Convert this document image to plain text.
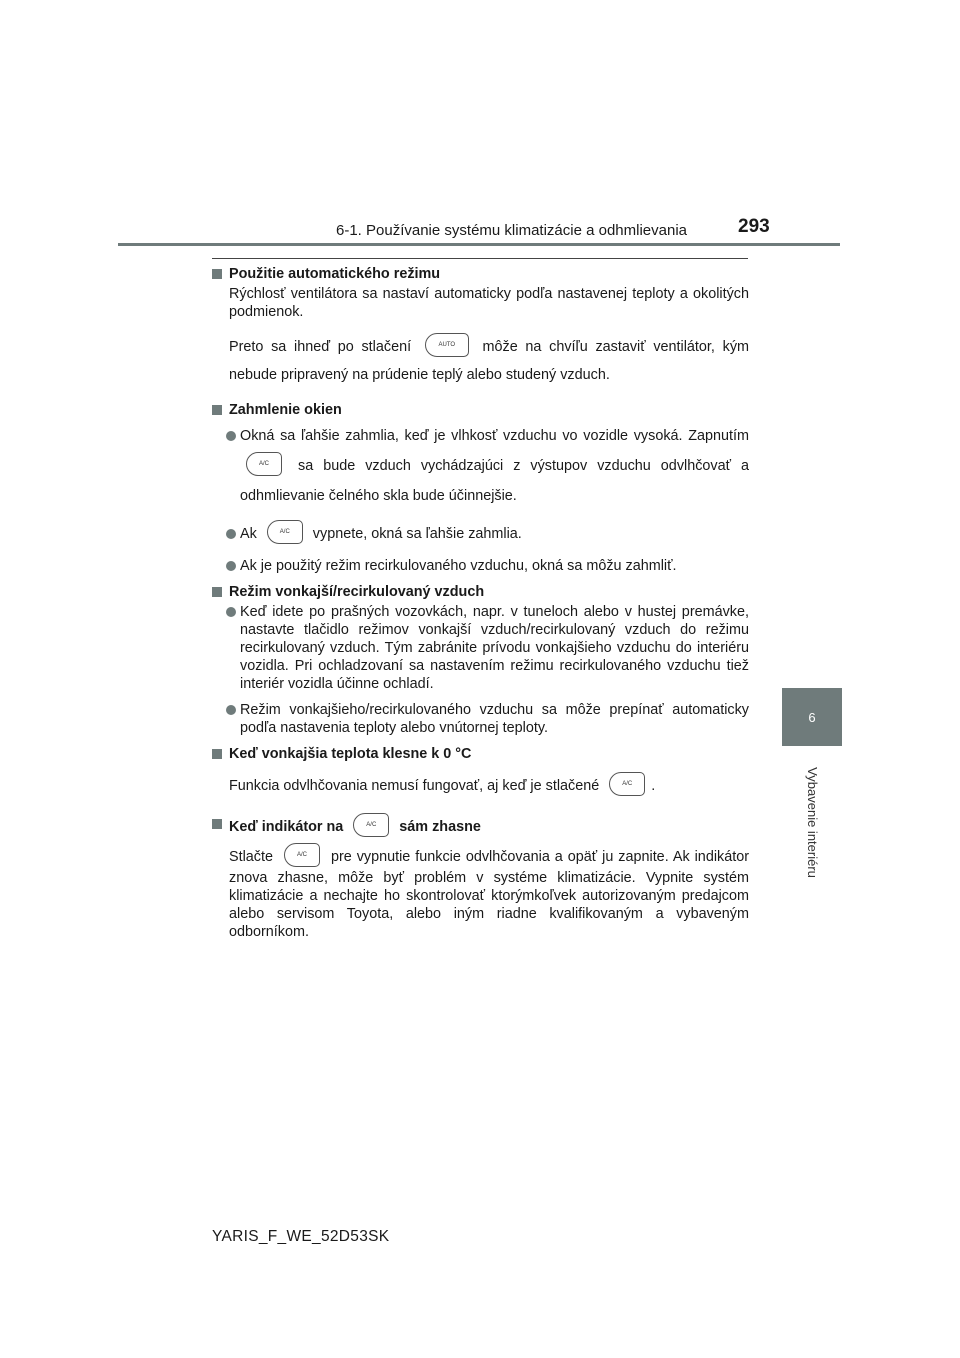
6-1. Používanie systému klimatizácie a odhmlievania	293
6
Vybavenie interiéru
Použitie automatického režimu
Rýchlosť ventilátora sa nastaví automaticky podľa nastavenej teploty a okolitých podmienok.
Preto sa ihneď po stlačení	AUTO môže na chvíľu zastaviť ventilátor, kým nebude pripravený na prúdenie teplý alebo studený vzduch.
Zahmlenie okien
Okná sa ľahšie zahmlia, keď je vlhkosť vzduchu vo vozidle vysoká. Zapnutím A/C sa bude vzduch vychádzajúci z výstupov vzduchu odvlhčovať a odhmlievanie čelného skla bude účinnejšie.
Ak	A/C vypnete, okná sa ľahšie zahmlia.
Ak je použitý režim recirkulovaného vzduchu, okná sa môžu zahmliť.
Režim vonkajší/recirkulovaný vzduch
Keď idete po prašných vozovkách, napr. v tuneloch alebo v hustej premávke, nastavte tlačidlo režimov vonkajší vzduch/recirkulovaný vzduch do režimu recirkulovaný vzduch. Tým zabránite prívodu vonkajšieho vzduchu do interiéru vozidla. Pri ochladzovaní sa nastavením režimu recirkulovaného vzduchu tiež interiér vozidla účinne ochladí.
Režim vonkajšieho/recirkulovaného vzduchu sa môže prepínať automaticky podľa nastavenia teploty alebo vnútornej teploty.
Keď vonkajšia teplota klesne k 0 °C
Funkcia odvlhčovania nemusí fungovať, aj keď je stlačené	A/C .
Keď indikátor na	A/C sám zhasne
Stlačte	A/C pre vypnutie funkcie odvlhčovania a opäť ju zapnite. Ak indikátor znova zhasne, môže byť problém v systéme klimatizácie. Vypnite systém klimatizácie a nechajte ho skontrolovať ktorýmkoľvek autorizovaným predajcom alebo servisom Toyota, alebo iným riadne kvalifikovaným a vybaveným odborníkom.
YARIS_F_WE_52D53SK
